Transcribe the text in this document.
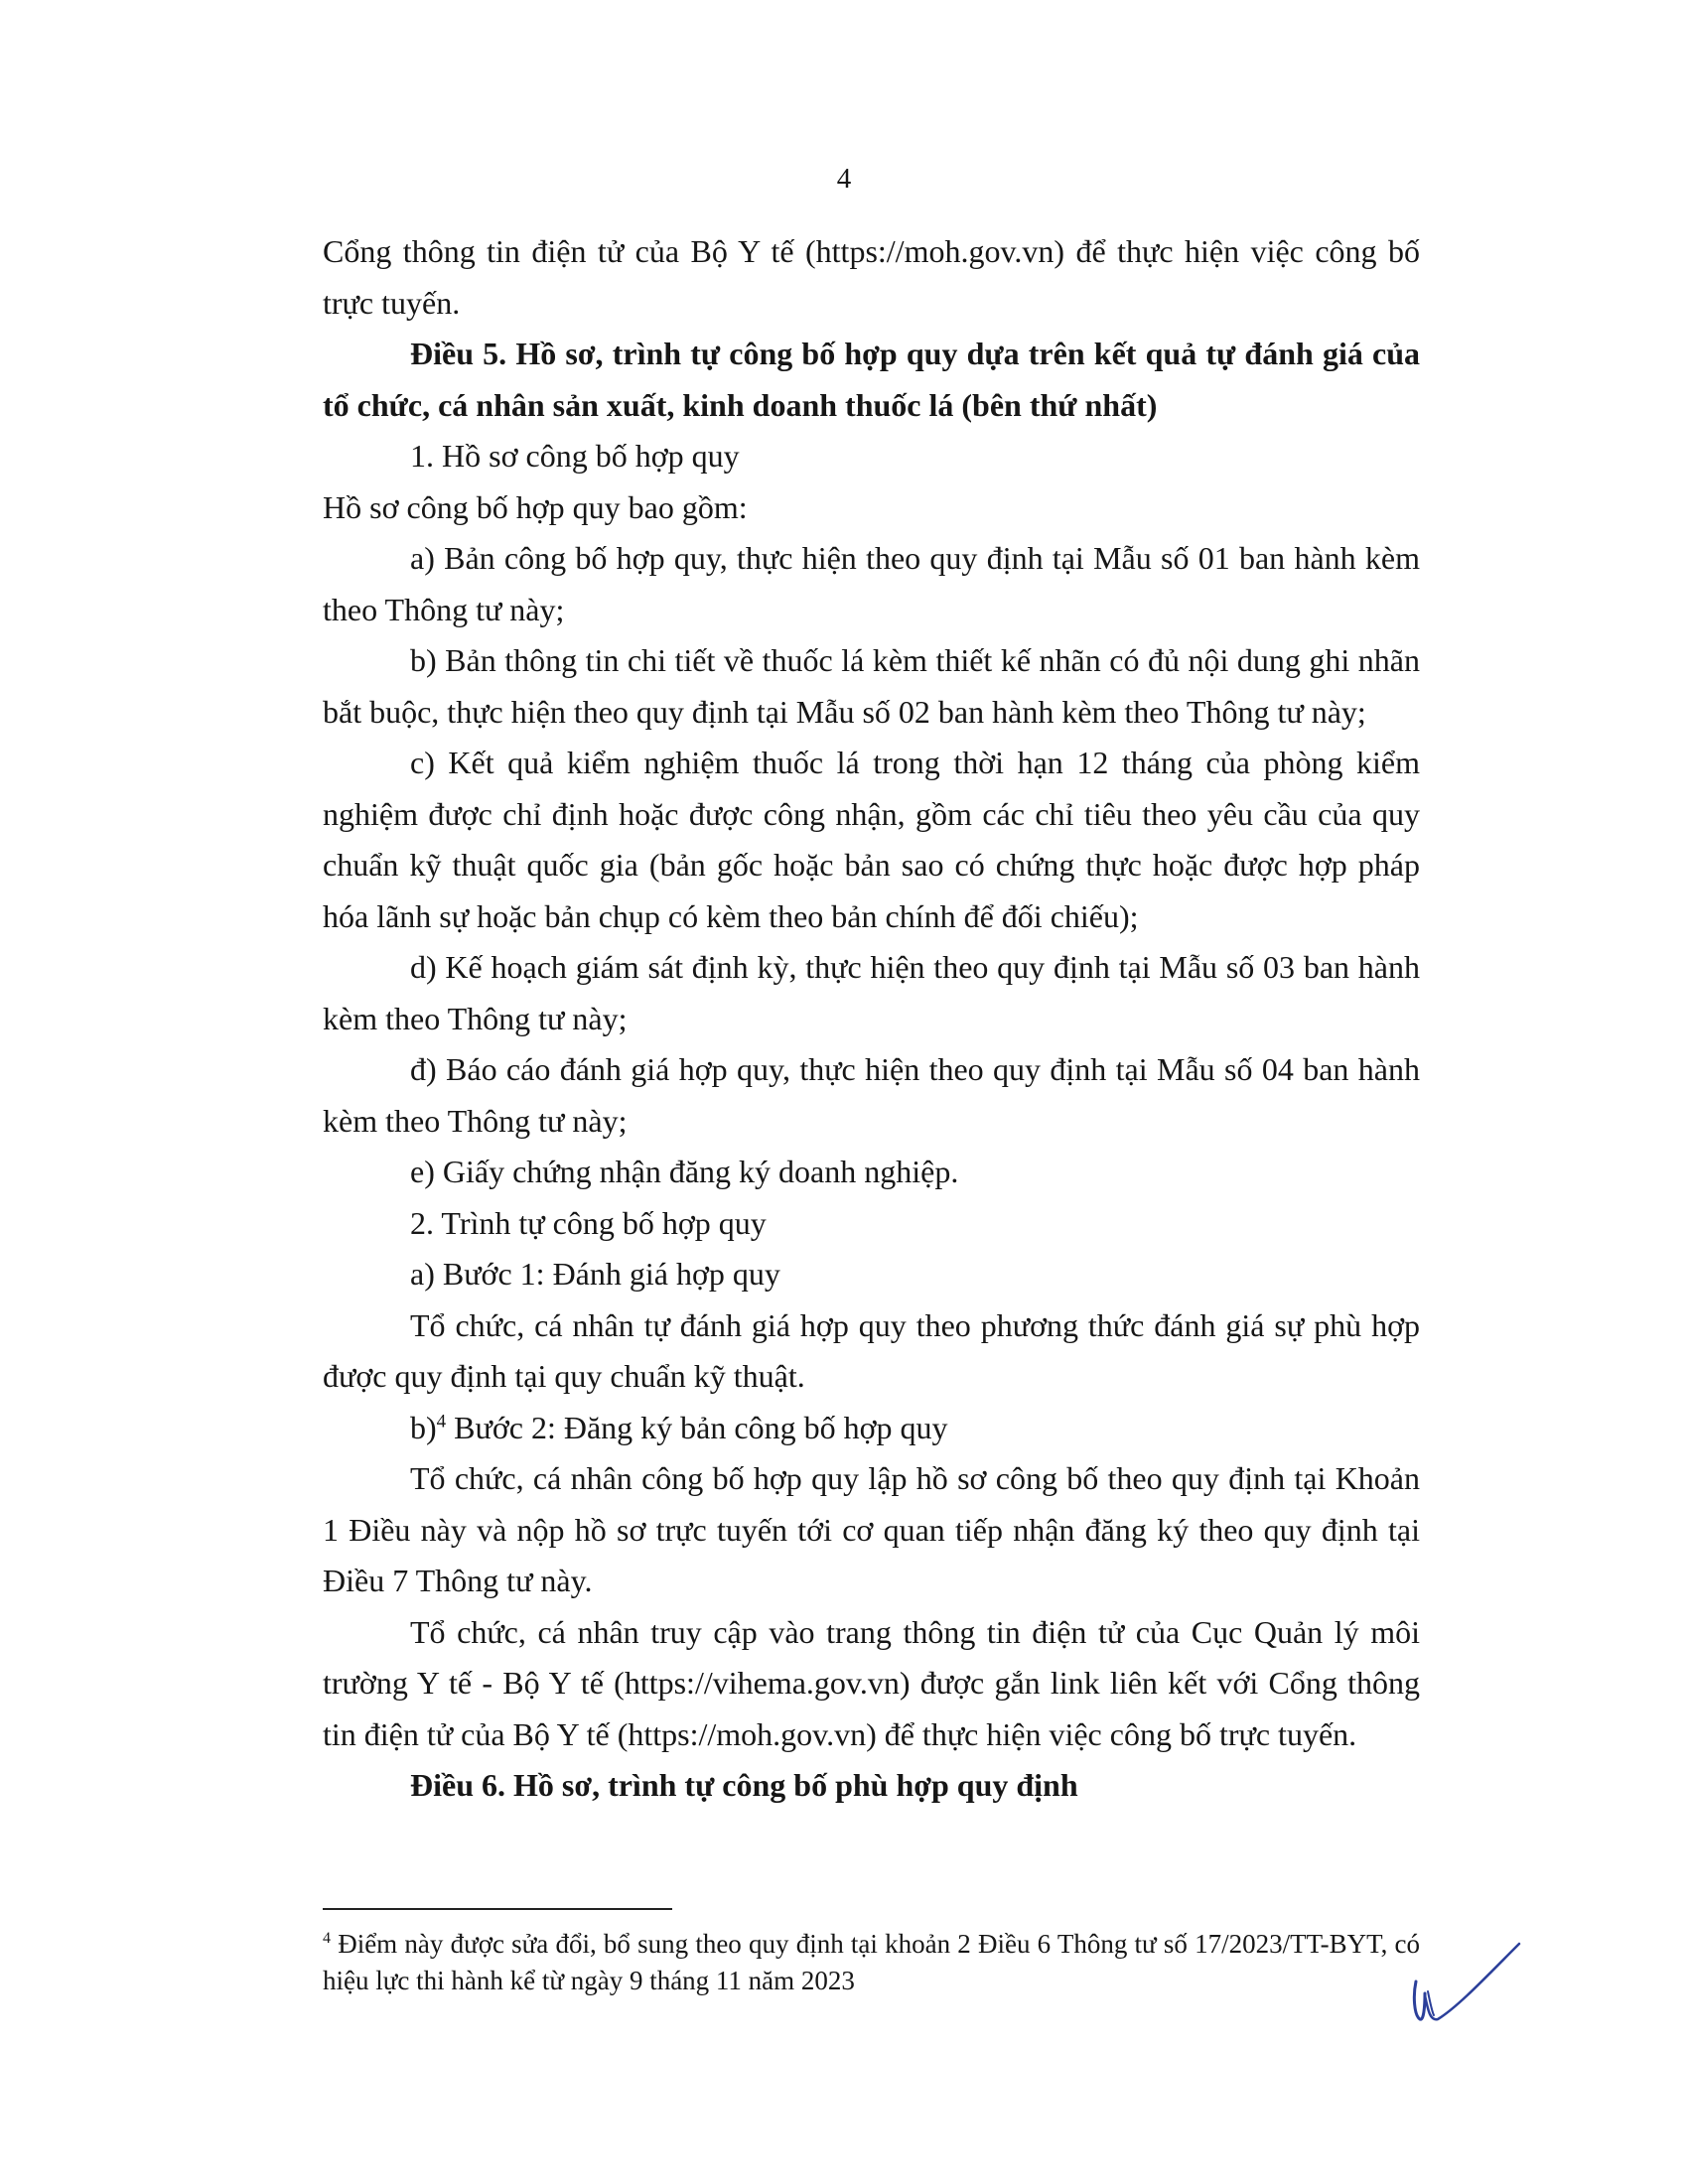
4

Cổng thông tin điện tử của Bộ Y tế (https://moh.gov.vn) để thực hiện việc công bố trực tuyến.

Điều 5. Hồ sơ, trình tự công bố hợp quy dựa trên kết quả tự đánh giá của tổ chức, cá nhân sản xuất, kinh doanh thuốc lá (bên thứ nhất)

1. Hồ sơ công bố hợp quy

Hồ sơ công bố hợp quy bao gồm:

a) Bản công bố hợp quy, thực hiện theo quy định tại Mẫu số 01 ban hành kèm theo Thông tư này;

b) Bản thông tin chi tiết về thuốc lá kèm thiết kế nhãn có đủ nội dung ghi nhãn bắt buộc, thực hiện theo quy định tại Mẫu số 02 ban hành kèm theo Thông tư này;

c) Kết quả kiểm nghiệm thuốc lá trong thời hạn 12 tháng của phòng kiểm nghiệm được chỉ định hoặc được công nhận, gồm các chỉ tiêu theo yêu cầu của quy chuẩn kỹ thuật quốc gia (bản gốc hoặc bản sao có chứng thực hoặc được hợp pháp hóa lãnh sự hoặc bản chụp có kèm theo bản chính để đối chiếu);

d) Kế hoạch giám sát định kỳ, thực hiện theo quy định tại Mẫu số 03 ban hành kèm theo Thông tư này;

đ) Báo cáo đánh giá hợp quy, thực hiện theo quy định tại Mẫu số 04 ban hành kèm theo Thông tư này;

e) Giấy chứng nhận đăng ký doanh nghiệp.

2. Trình tự công bố hợp quy

a) Bước 1: Đánh giá hợp quy

Tổ chức, cá nhân tự đánh giá hợp quy theo phương thức đánh giá sự phù hợp được quy định tại quy chuẩn kỹ thuật.

b)$^4$ Bước 2: Đăng ký bản công bố hợp quy

Tổ chức, cá nhân công bố hợp quy lập hồ sơ công bố theo quy định tại Khoản 1 Điều này và nộp hồ sơ trực tuyến tới cơ quan tiếp nhận đăng ký theo quy định tại Điều 7 Thông tư này.

Tổ chức, cá nhân truy cập vào trang thông tin điện tử của Cục Quản lý môi trường Y tế - Bộ Y tế (https://vihema.gov.vn) được gắn link liên kết với Cổng thông tin điện tử của Bộ Y tế (https://moh.gov.vn) để thực hiện việc công bố trực tuyến.

Điều 6. Hồ sơ, trình tự công bố phù hợp quy định

$^4$ Điểm này được sửa đổi, bổ sung theo quy định tại khoản 2 Điều 6 Thông tư số 17/2023/TT-BYT, có hiệu lực thi hành kể từ ngày 9 tháng 11 năm 2023
